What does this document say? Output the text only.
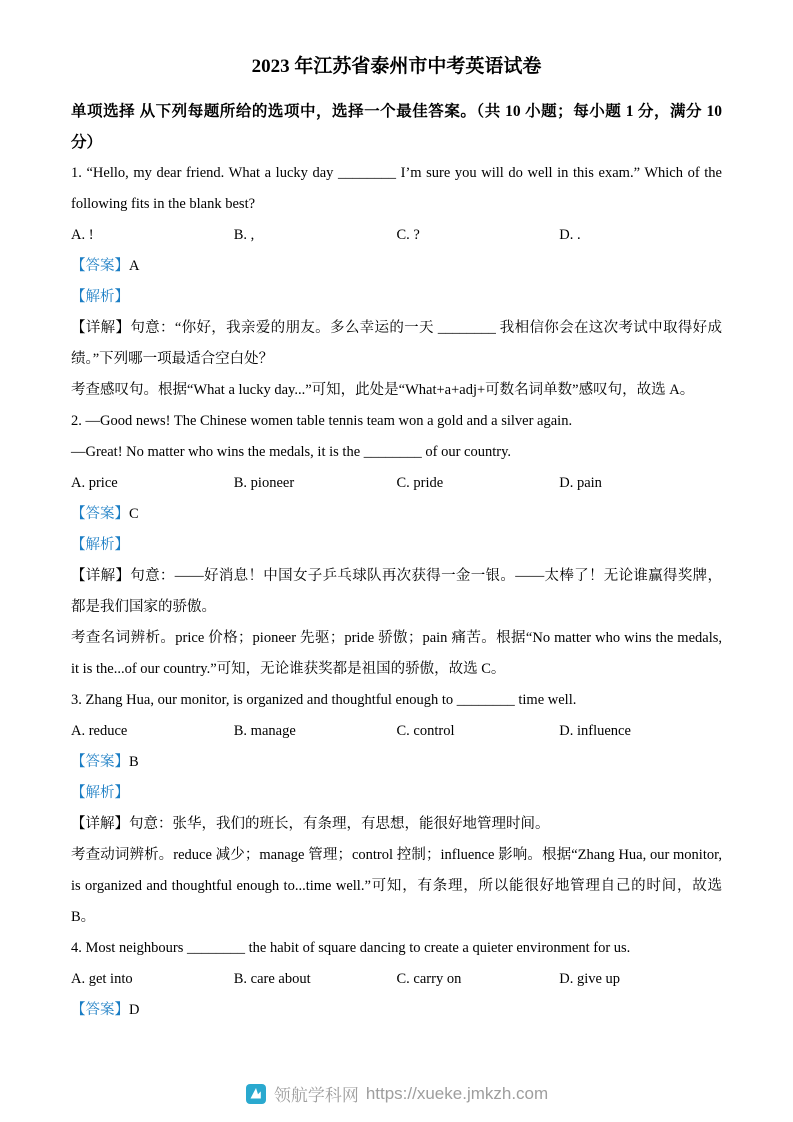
2023 年江苏省泰州市中考英语试卷

单项选择 从下列每题所给的选项中，选择一个最佳答案。（共 10 小题；每小题 1 分，满分 10 分）

1. “Hello, my dear friend. What a lucky day ________ I’m sure you will do well in this exam.” Which of the following fits in the blank best?

A. !	B. ,	C. ?	D. .

【答案】A

【解析】

【详解】句意：“你好，我亲爱的朋友。多么幸运的一天 ________ 我相信你会在这次考试中取得好成绩。”下列哪一项最适合空白处？

考查感叹句。根据“What a lucky day...”可知，此处是“What+a+adj+可数名词单数”感叹句，故选 A。

2. —Good news! The Chinese women table tennis team won a gold and a silver again.

—Great! No matter who wins the medals, it is the ________ of our country.

A. price	B. pioneer	C. pride	D. pain

【答案】C

【解析】

【详解】句意：——好消息！中国女子乒乓球队再次获得一金一银。——太棒了！无论谁赢得奖牌，都是我们国家的骄傲。

考查名词辨析。price 价格；pioneer 先驱；pride 骄傲；pain 痛苦。根据“No matter who wins the medals, it is the...of our country.”可知，无论谁获奖都是祖国的骄傲，故选 C。

3. Zhang Hua, our monitor, is organized and thoughtful enough to ________ time well.

A. reduce	B. manage	C. control	D. influence

【答案】B

【解析】

【详解】句意：张华，我们的班长，有条理，有思想，能很好地管理时间。

考查动词辨析。reduce 减少；manage 管理；control 控制；influence 影响。根据“Zhang Hua, our monitor, is organized and thoughtful enough to...time well.”可知，有条理，所以能很好地管理自己的时间，故选 B。

4. Most neighbours ________ the habit of square dancing to create a quieter environment for us.

A. get into	B. care about	C. carry on	D. give up

【答案】D

领航学科网 https://xueke.jmkzh.com
